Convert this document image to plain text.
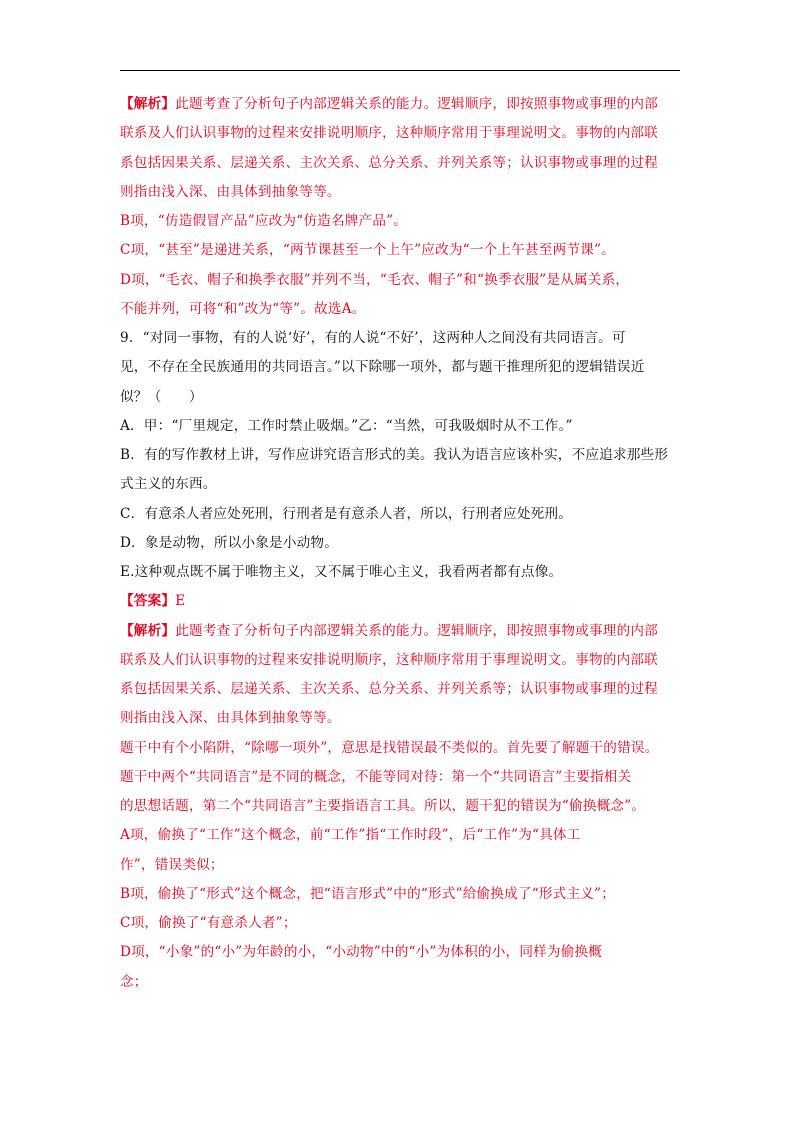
【解析】此题考查了分析句子内部逻辑关系的能力。逻辑顺序，即按照事物或事理的内部
联系及人们认识事物的过程来安排说明顺序，这种顺序常用于事理说明文。事物的内部联
系包括因果关系、层递关系、主次关系、总分关系、并列关系等；认识事物或事理的过程
则指由浅入深、由具体到抽象等等。
B项，“仿造假冒产品”应改为“仿造名牌产品”。
C项，“甚至”是递进关系，“两节课甚至一个上午”应改为“一个上午甚至两节课”。
D项，“毛衣、帽子和换季衣服”并列不当，“毛衣、帽子”和“换季衣服”是从属关系，
不能并列，可将“和”改为“等”。故选A。
9．“对同一事物，有的人说‘好’，有的人说“不好’，这两种人之间没有共同语言。可
见，不存在全民族通用的共同语言。”以下除哪一项外，都与题干推理所犯的逻辑错误近
似？（　　）
A．甲：“厂里规定，工作时禁止吸烟。”乙：“当然，可我吸烟时从不工作。”
B．有的写作教材上讲，写作应讲究语言形式的美。我认为语言应该朴实，不应追求那些形
式主义的东西。
C．有意杀人者应处死刑，行刑者是有意杀人者，所以，行刑者应处死刑。
D．象是动物，所以小象是小动物。
E.这种观点既不属于唯物主义，又不属于唯心主义，我看两者都有点像。
【答案】E
【解析】此题考查了分析句子内部逻辑关系的能力。逻辑顺序，即按照事物或事理的内部
联系及人们认识事物的过程来安排说明顺序，这种顺序常用于事理说明文。事物的内部联
系包括因果关系、层递关系、主次关系、总分关系、并列关系等；认识事物或事理的过程
则指由浅入深、由具体到抽象等等。
题干中有个小陷阱，“除哪一项外”，意思是找错误最不类似的。首先要了解题干的错误。
题干中两个“共同语言”是不同的概念，不能等同对待：第一个“共同语言”主要指相关
的思想话题，第二个“共同语言”主要指语言工具。所以，题干犯的错误为“偷换概念”。
A项，偷换了“工作”这个概念，前“工作”指“工作时段”，后“工作”为“具体工
作”，错误类似；
B项，偷换了“形式”这个概念，把“语言形式”中的“形式”给偷换成了“形式主义”；
C项，偷换了“有意杀人者”；
D项，“小象”的“小”为年龄的小，“小动物”中的“小”为体积的小，同样为偷换概
念；
